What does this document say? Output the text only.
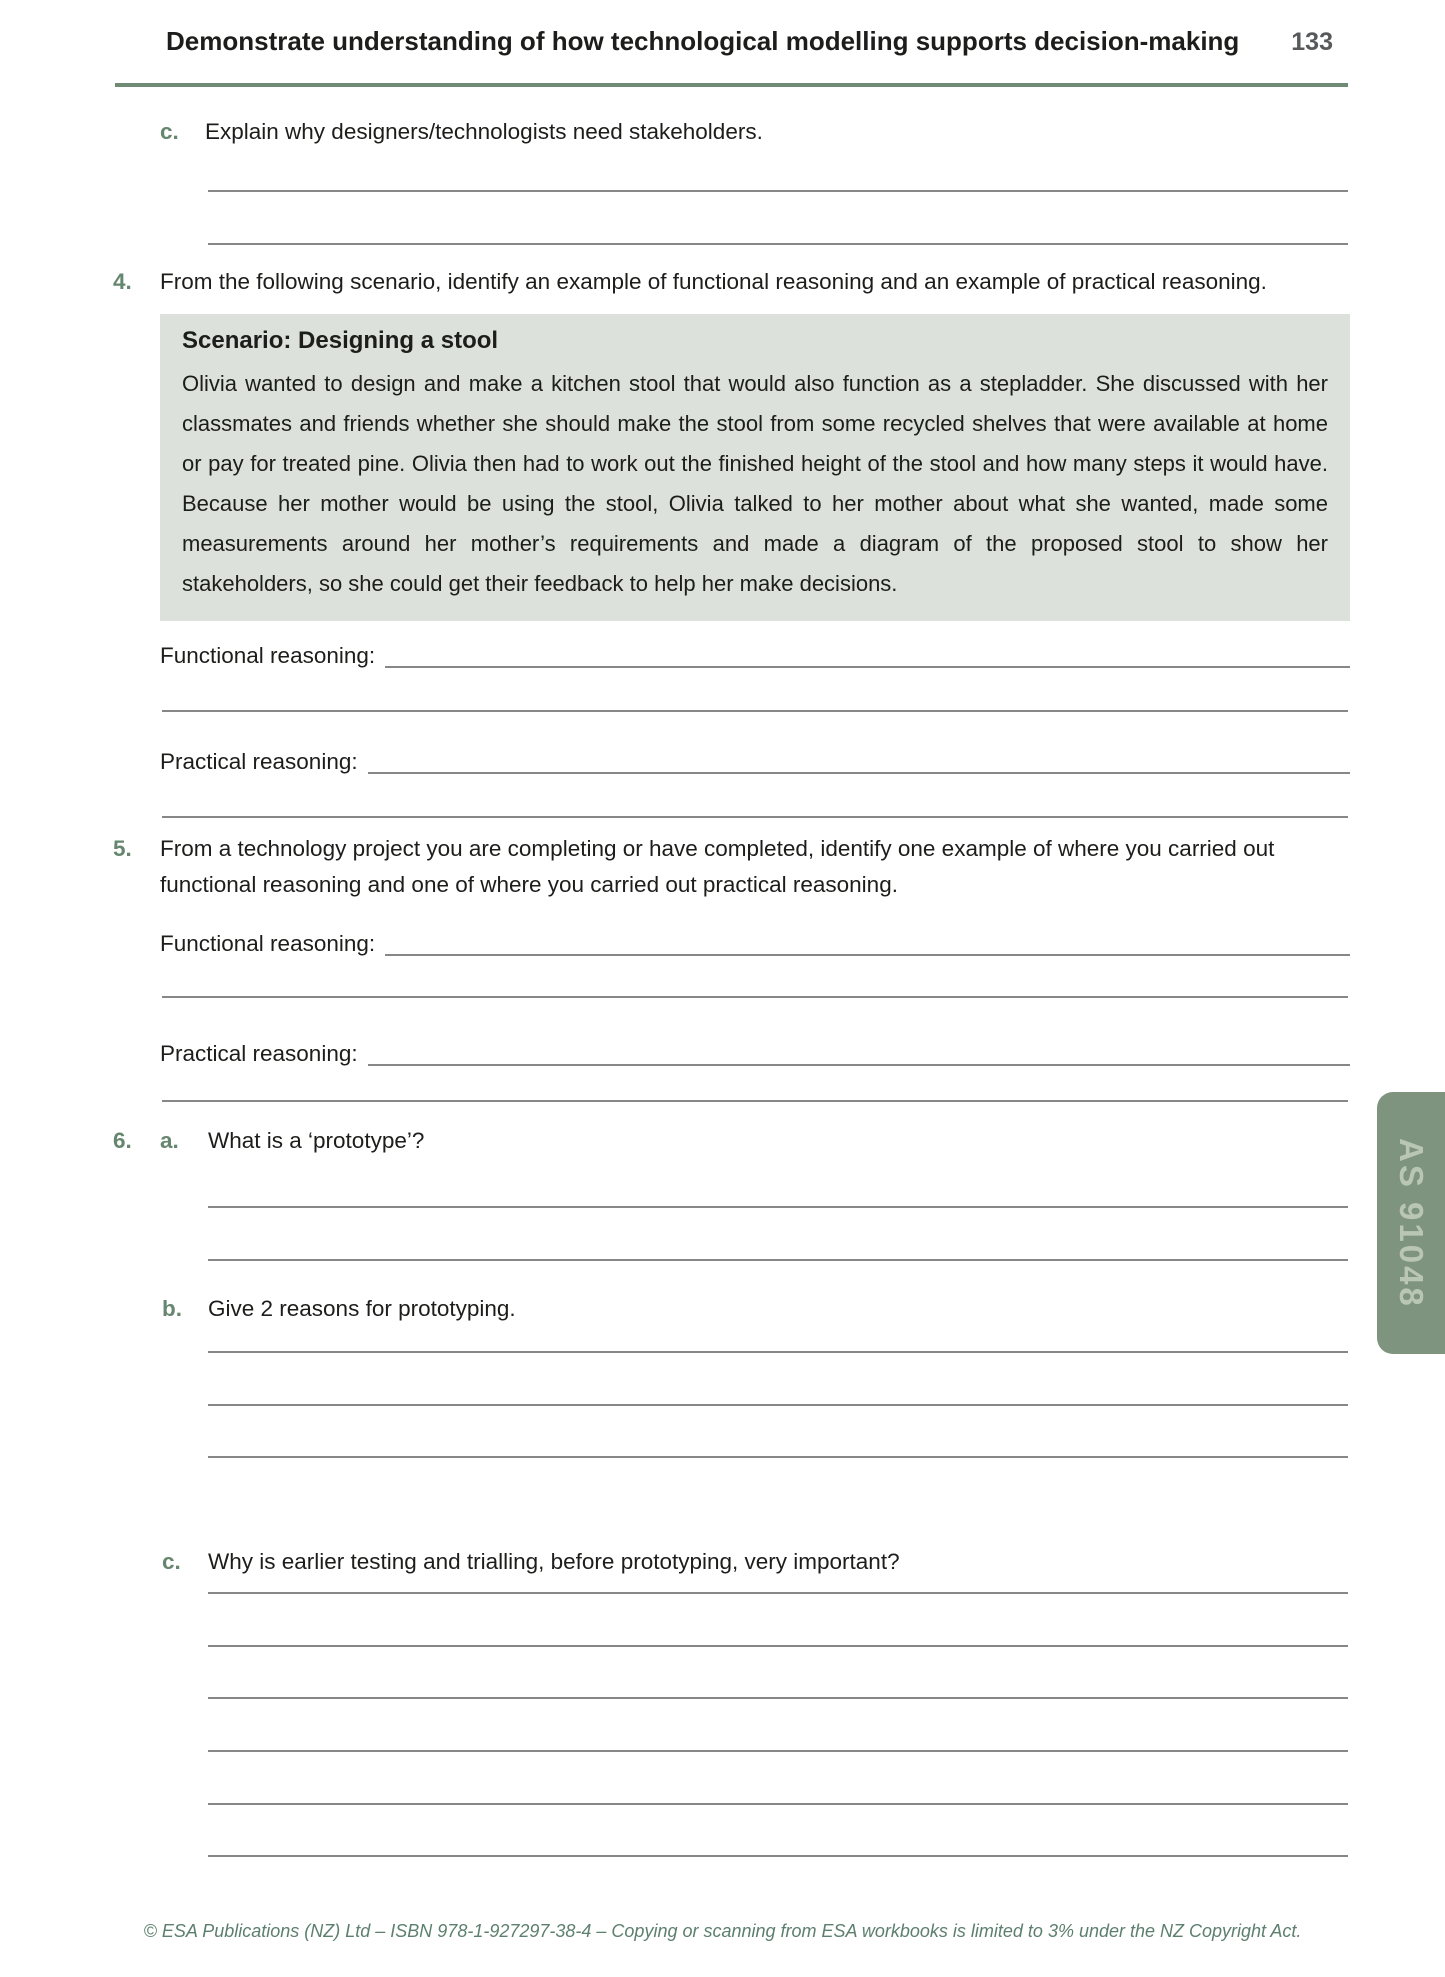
Demonstrate understanding of how technological modelling supports decision-making 133
c.	Explain why designers/technologists need stakeholders.
4.	From the following scenario, identify an example of functional reasoning and an example of practical reasoning.
Scenario: Designing a stool
Olivia wanted to design and make a kitchen stool that would also function as a stepladder. She discussed with her classmates and friends whether she should make the stool from some recycled shelves that were available at home or pay for treated pine. Olivia then had to work out the finished height of the stool and how many steps it would have. Because her mother would be using the stool, Olivia talked to her mother about what she wanted, made some measurements around her mother’s requirements and made a diagram of the proposed stool to show her stakeholders, so she could get their feedback to help her make decisions.
Functional reasoning:
Practical reasoning:
5.	From a technology project you are completing or have completed, identify one example of where you carried out functional reasoning and one of where you carried out practical reasoning.
Functional reasoning:
Practical reasoning:
6.	a.	What is a ‘prototype’?
b.	Give 2 reasons for prototyping.
c.	Why is earlier testing and trialling, before prototyping, very important?
AS 91048
© ESA Publications (NZ) Ltd – ISBN 978-1-927297-38-4 – Copying or scanning from ESA workbooks is limited to 3% under the NZ Copyright Act.
